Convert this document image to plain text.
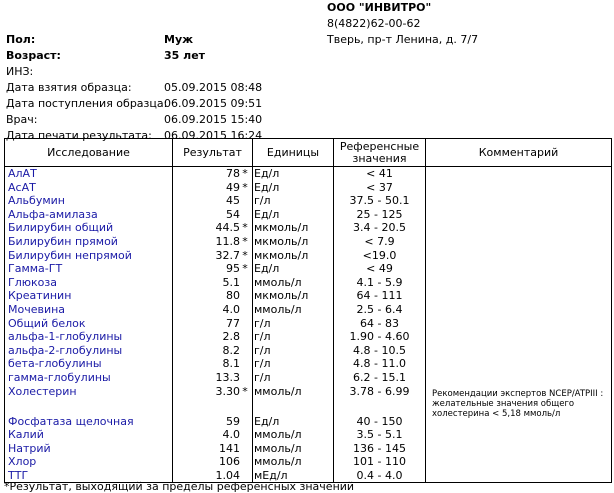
ООО "ИНВИТРО"
8(4822)62-00-62
Тверь, пр-т Ленина, д. 7/7
Пол:	Муж
Возраст:	35 лет
ИНЗ:
Дата взятия образца:	05.09.2015 08:48
Дата поступления образца:
06.09.2015 09:51
Врач:	06.09.2015 15:40
Дата печати результата: 06.09.2015 16:24
Исследование	Результат	Единицы	Референсные
значения	Комментарий
АлАТ	78 *	Ед/л	< 41	
АсАТ	49 *	Ед/л	< 37	
Альбумин	45	г/л	37.5 - 50.1	
Альфа-амилаза	54	Ед/л	25 - 125	
Билирубин общий	44.5 *	мкмоль/л	3.4 - 20.5	
Билирубин прямой	11.8 *	мкмоль/л	< 7.9	
Билирубин непрямой	32.7 *	мкмоль/л	<19.0	
Гамма-ГТ	95 *	Ед/л	< 49	
Глюкоза	5.1	ммоль/л	4.1 - 5.9	
Креатинин	80	мкмоль/л	64 - 111	
Мочевина	4.0	ммоль/л	2.5 - 6.4	
Общий белок	77	г/л	64 - 83	
альфа-1-глобулины	2.8	г/л	1.90 - 4.60	
альфа-2-глобулины	8.2	г/л	4.8 - 10.5	
бета-глобулины	8.1	г/л	4.8 - 11.0	
гамма-глобулины	13.3	г/л	6.2 - 15.1	
Холестерин	3.30 *	ммоль/л	3.78 - 6.99	Рекомендации экспертов NCEP/ATPIII : желательные значения общего холестерина < 5,18 ммоль/л

Фосфатаза щелочная	59	Ед/л	40 - 150	
Калий	4.0	ммоль/л	3.5 - 5.1	
Натрий	141	ммоль/л	136 - 145	
Хлор	106	ммоль/л	101 - 110	
ТТГ	1.04	мЕд/л	0.4 - 4.0	
*Результат, выходящий за пределы референсных значений
